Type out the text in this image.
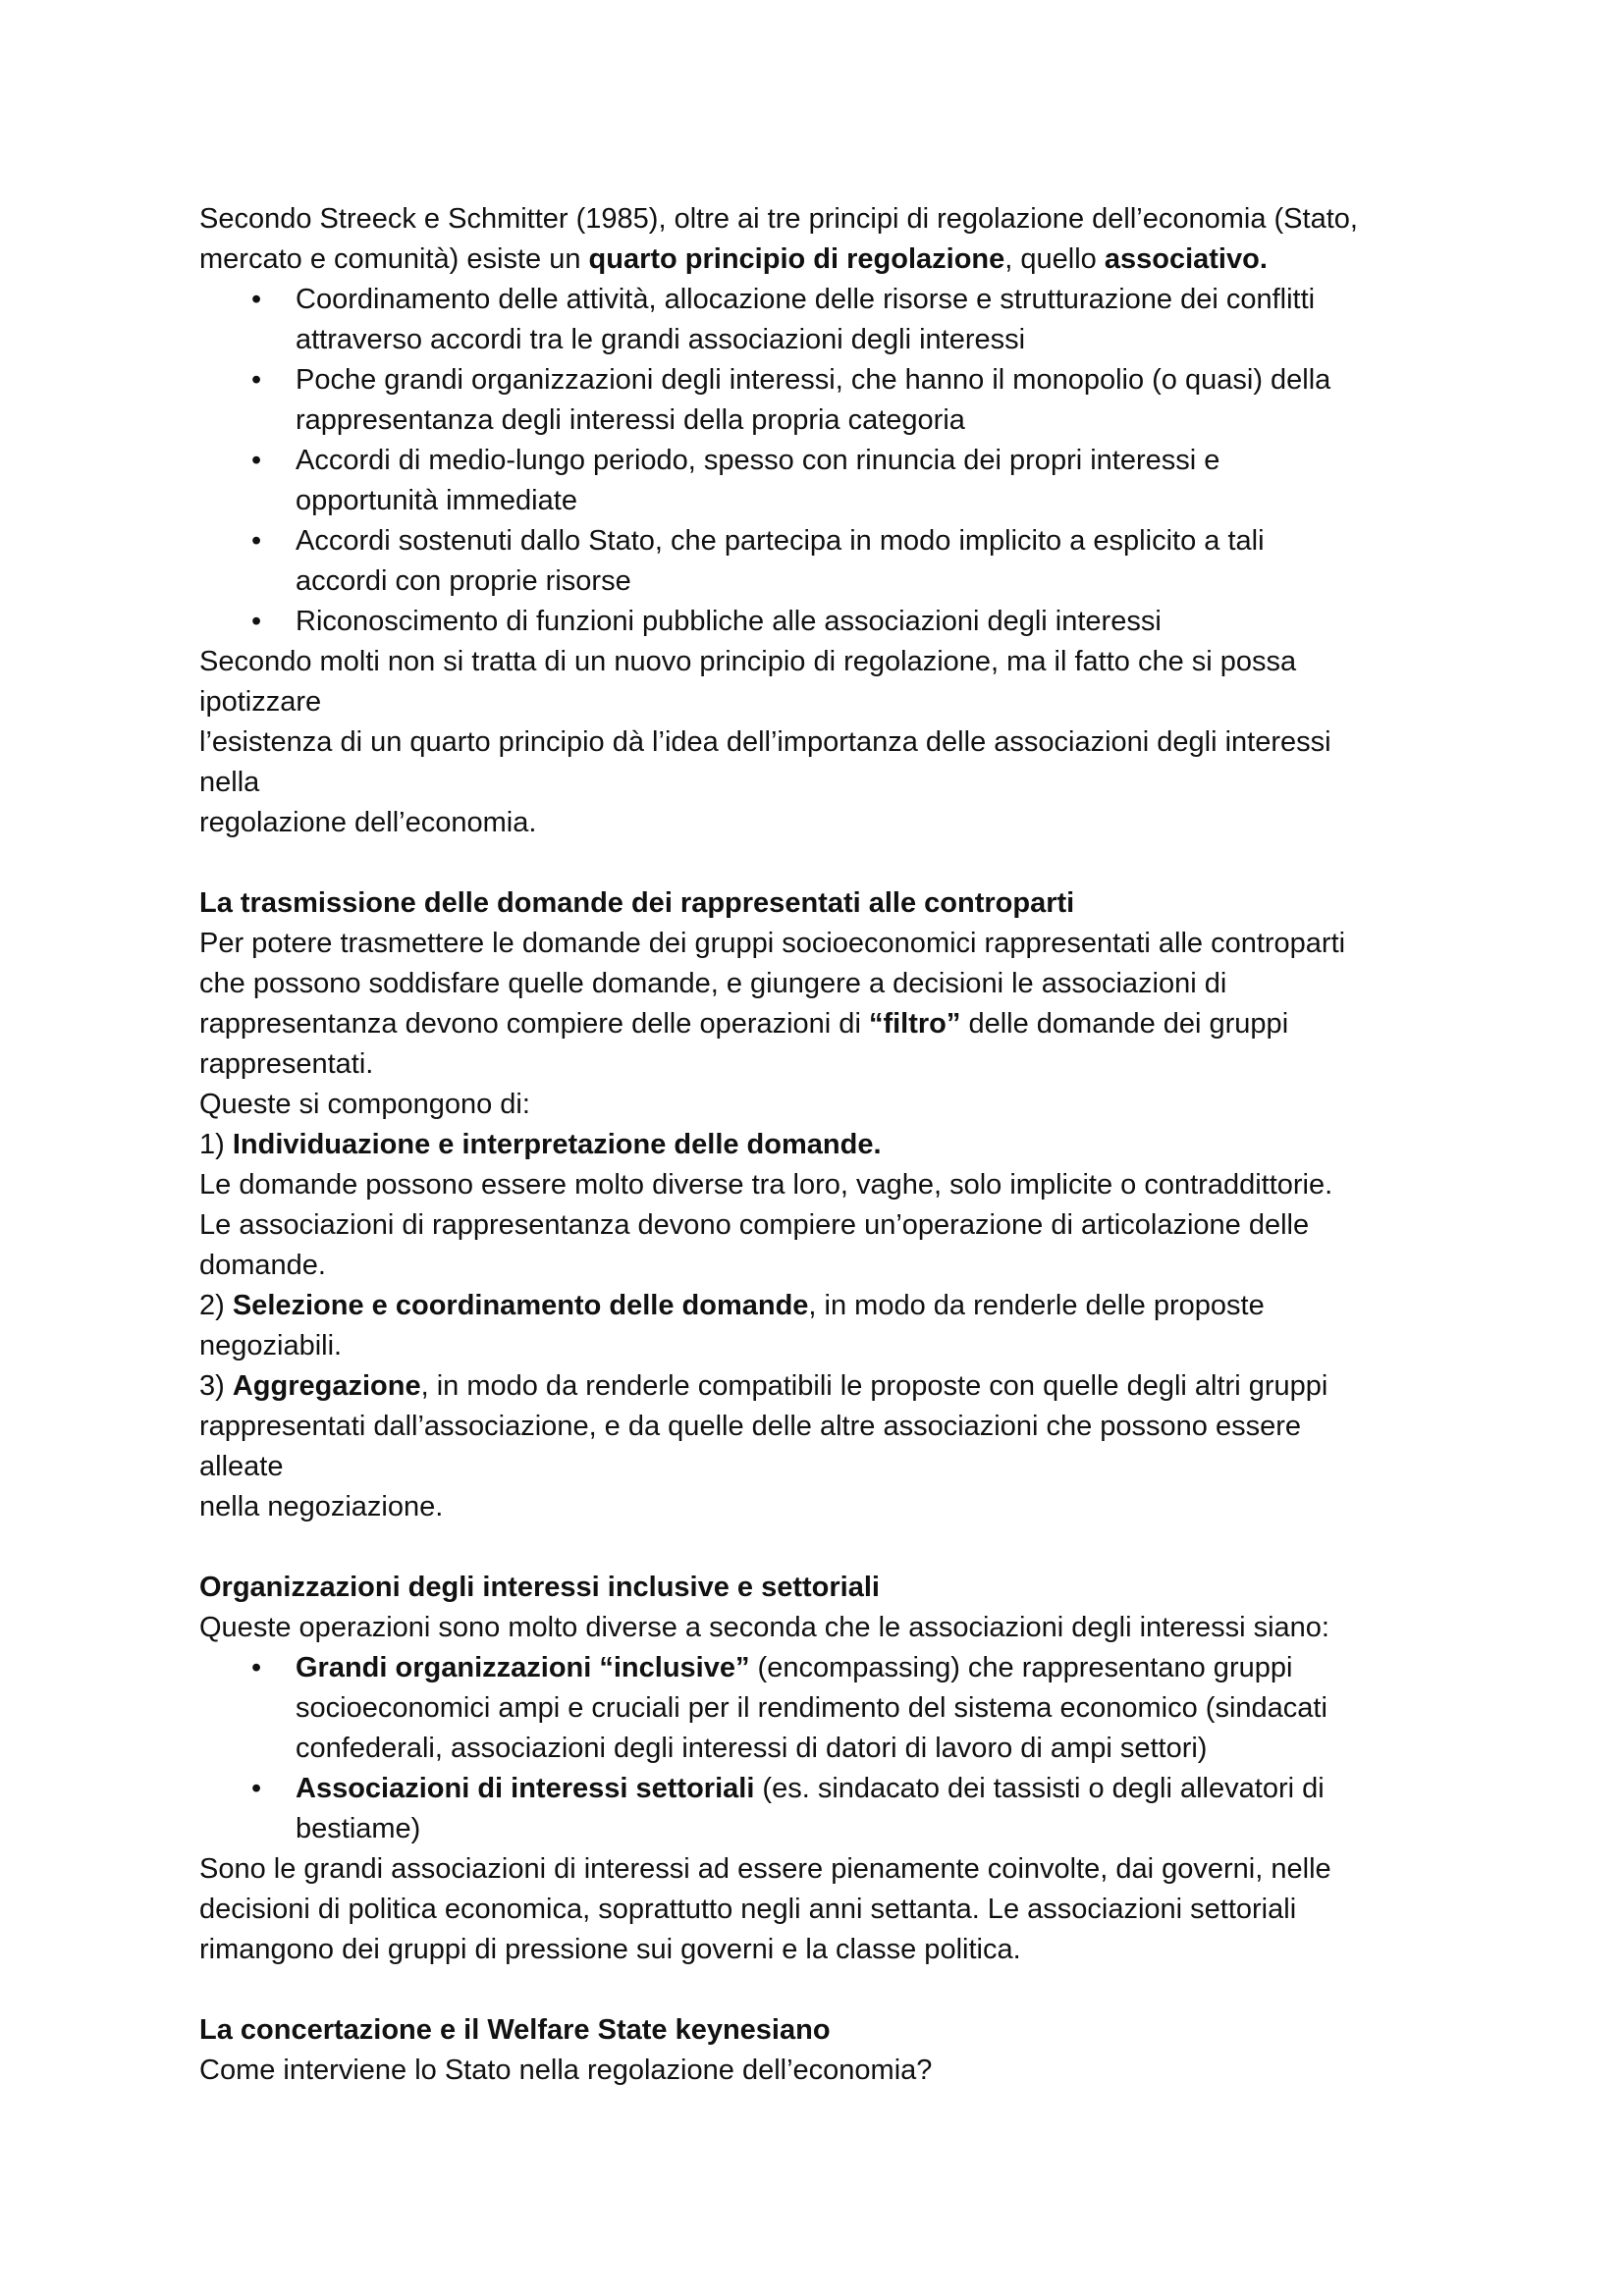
Secondo Streeck e Schmitter (1985), oltre ai tre principi di regolazione dell’economia (Stato,

mercato e comunità) esiste un quarto principio di regolazione, quello associativo.

• Coordinamento delle attività, allocazione delle risorse e strutturazione dei conflitti
attraverso accordi tra le grandi associazioni degli interessi
• Poche grandi organizzazioni degli interessi, che hanno il monopolio (o quasi) della
rappresentanza degli interessi della propria categoria
• Accordi di medio-lungo periodo, spesso con rinuncia dei propri interessi e
opportunità immediate
• Accordi sostenuti dallo Stato, che partecipa in modo implicito a esplicito a tali
accordi con proprie risorse
• Riconoscimento di funzioni pubbliche alle associazioni degli interessi

Secondo molti non si tratta di un nuovo principio di regolazione, ma il fatto che si possa

ipotizzare

l’esistenza di un quarto principio dà l’idea dell’importanza delle associazioni degli interessi

nella

regolazione dell’economia.

La trasmissione delle domande dei rappresentati alle controparti

Per potere trasmettere le domande dei gruppi socioeconomici rappresentati alle controparti

che possono soddisfare quelle domande, e giungere a decisioni le associazioni di

rappresentanza devono compiere delle operazioni di “filtro” delle domande dei gruppi

rappresentati.

Queste si compongono di:

1) Individuazione e interpretazione delle domande.

Le domande possono essere molto diverse tra loro, vaghe, solo implicite o contraddittorie.

Le associazioni di rappresentanza devono compiere un’operazione di articolazione delle

domande.

2) Selezione e coordinamento delle domande, in modo da renderle delle proposte

negoziabili.

3) Aggregazione, in modo da renderle compatibili le proposte con quelle degli altri gruppi

rappresentati dall’associazione, e da quelle delle altre associazioni che possono essere

alleate

nella negoziazione.

Organizzazioni degli interessi inclusive e settoriali

Queste operazioni sono molto diverse a seconda che le associazioni degli interessi siano:

• Grandi organizzazioni “inclusive” (encompassing) che rappresentano gruppi
socioeconomici ampi e cruciali per il rendimento del sistema economico (sindacati
confederali, associazioni degli interessi di datori di lavoro di ampi settori)
• Associazioni di interessi settoriali (es. sindacato dei tassisti o degli allevatori di
bestiame)

Sono le grandi associazioni di interessi ad essere pienamente coinvolte, dai governi, nelle

decisioni di politica economica, soprattutto negli anni settanta. Le associazioni settoriali

rimangono dei gruppi di pressione sui governi e la classe politica.

La concertazione e il Welfare State keynesiano

Come interviene lo Stato nella regolazione dell’economia?
